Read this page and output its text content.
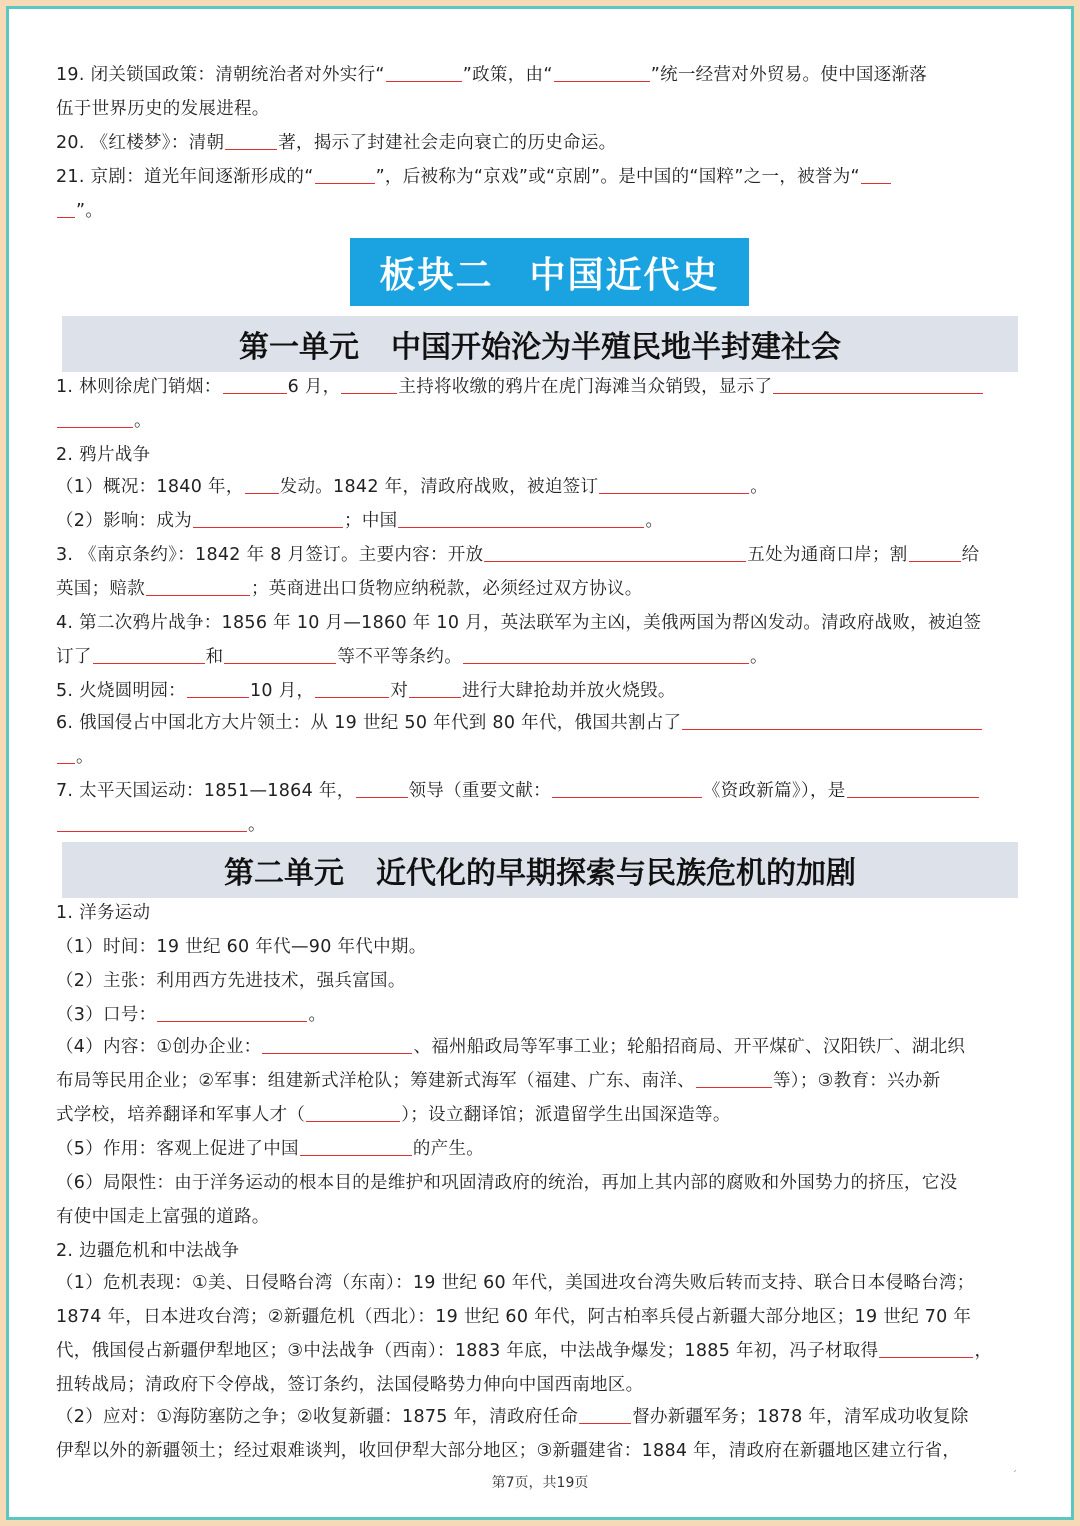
19. 闭关锁国政策：清朝统治者对外实行“	”政策，由“	”统一经营对外贸易。使中国逐渐落
伍于世界历史的发展进程。
20. 《红楼梦》：清朝	著，揭示了封建社会走向衰亡的历史命运。
21. 京剧：道光年间逐渐形成的“	”，后被称为“京戏”或“京剧”。是中国的“国粹”之一，被誉为“
”。
1. 林则徐虎门销烟：	6 月，	主持将收缴的鸦片在虎门海滩当众销毁，显示了
。
2. 鸦片战争
（1）概况：1840 年， 发动。1842 年，清政府战败，被迫签订	。
（2）影响：成为	；中国	。
3. 《南京条约》：1842 年 8 月签订。主要内容：开放	五处为通商口岸；割	给
英国；赔款	；英商进出口货物应纳税款，必须经过双方协议。
4. 第二次鸦片战争：1856 年 10 月—1860 年 10 月，英法联军为主凶，美俄两国为帮凶发动。清政府战败，被迫签
订了	和	等不平等条约。	。
5. 火烧圆明园：	10 月，	对	进行大肆抢劫并放火烧毁。
6. 俄国侵占中国北方大片领土：从 19 世纪 50 年代到 80 年代，俄国共割占了
。
7. 太平天国运动：1851—1864 年，	领导（重要文献：	《资政新篇》），是
。
1. 洋务运动
（1）时间：19 世纪 60 年代—90 年代中期。
（2）主张：利用西方先进技术，强兵富国。
（3）口号：	。
（4）内容：①创办企业：	、福州船政局等军事工业；轮船招商局、开平煤矿、汉阳铁厂、湖北织
布局等民用企业；②军事：组建新式洋枪队；筹建新式海军（福建、广东、南洋、	等）；③教育：兴办新
式学校，培养翻译和军事人才（	）；设立翻译馆；派遣留学生出国深造等。
（5）作用：客观上促进了中国	的产生。
（6）局限性：由于洋务运动的根本目的是维护和巩固清政府的统治，再加上其内部的腐败和外国势力的挤压，它没
有使中国走上富强的道路。
2. 边疆危机和中法战争
（1）危机表现：①美、日侵略台湾（东南）：19 世纪 60 年代，美国进攻台湾失败后转而支持、联合日本侵略台湾；
1874 年，日本进攻台湾；②新疆危机（西北）：19 世纪 60 年代，阿古柏率兵侵占新疆大部分地区；19 世纪 70 年
代，俄国侵占新疆伊犁地区；③中法战争（西南）：1883 年底，中法战争爆发；1885 年初，冯子材取得	，
扭转战局；清政府下令停战，签订条约，法国侵略势力伸向中国西南地区。
（2）应对：①海防塞防之争；②收复新疆：1875 年，清政府任命	督办新疆军务；1878 年，清军成功收复除
伊犁以外的新疆领土；经过艰难谈判，收回伊犁大部分地区；③新疆建省：1884 年，清政府在新疆地区建立行省，
板块二 中国近代史
第一单元 中国开始沦为半殖民地半封建社会
第二单元 近代化的早期探索与民族危机的加剧
第7页，共19页	ˊ
